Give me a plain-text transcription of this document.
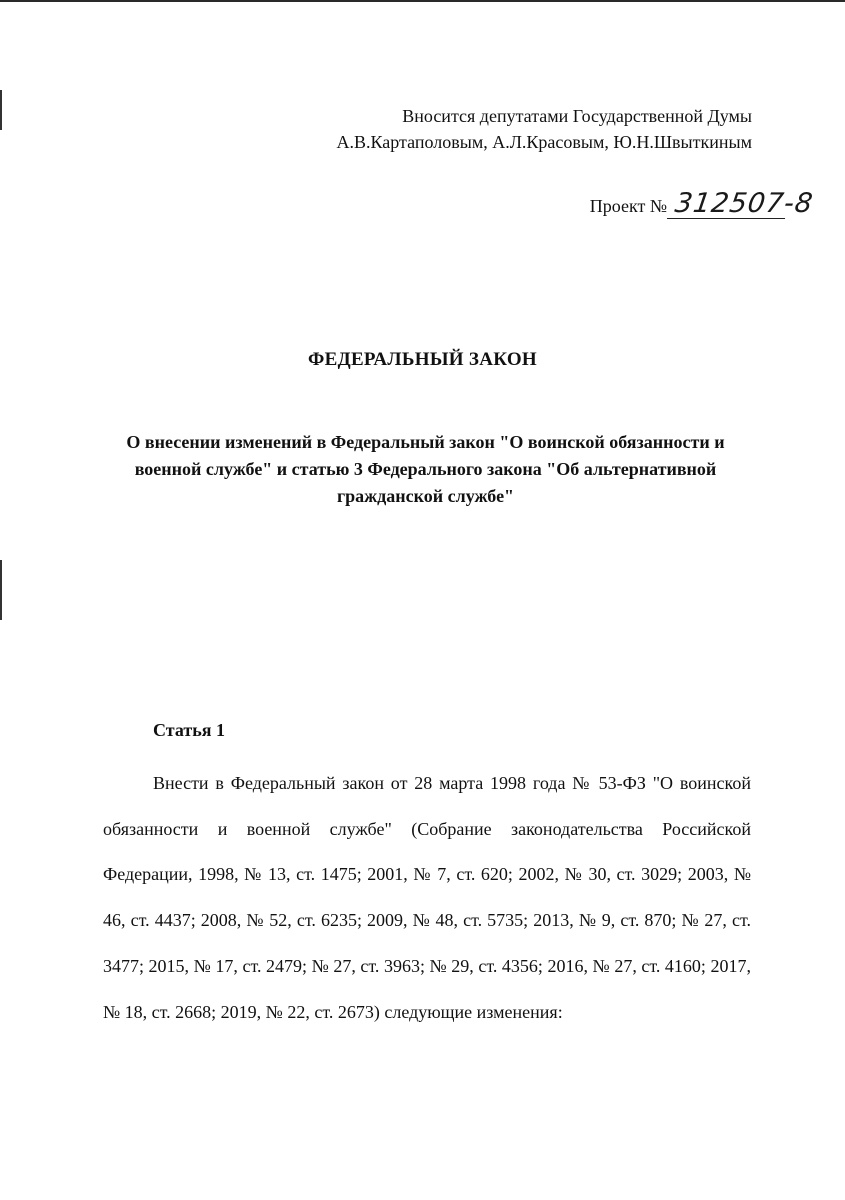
Вносится депутатами Государственной Думы
А.В.Картаполовым, А.Л.Красовым, Ю.Н.Швыткиным
Проект № 312507-8
ФЕДЕРАЛЬНЫЙ ЗАКОН
О внесении изменений в Федеральный закон "О воинской обязанности и военной службе" и статью 3 Федерального закона "Об альтернативной гражданской службе"
Статья 1

Внести в Федеральный закон от 28 марта 1998 года № 53-ФЗ "О воинской обязанности и военной службе" (Собрание законодательства Российской Федерации, 1998, № 13, ст. 1475; 2001, № 7, ст. 620; 2002, № 30, ст. 3029; 2003, № 46, ст. 4437; 2008, № 52, ст. 6235; 2009, № 48, ст. 5735; 2013, № 9, ст. 870; № 27, ст. 3477; 2015, № 17, ст. 2479; № 27, ст. 3963; № 29, ст. 4356; 2016, № 27, ст. 4160; 2017, № 18, ст. 2668; 2019, № 22, ст. 2673) следующие изменения:
